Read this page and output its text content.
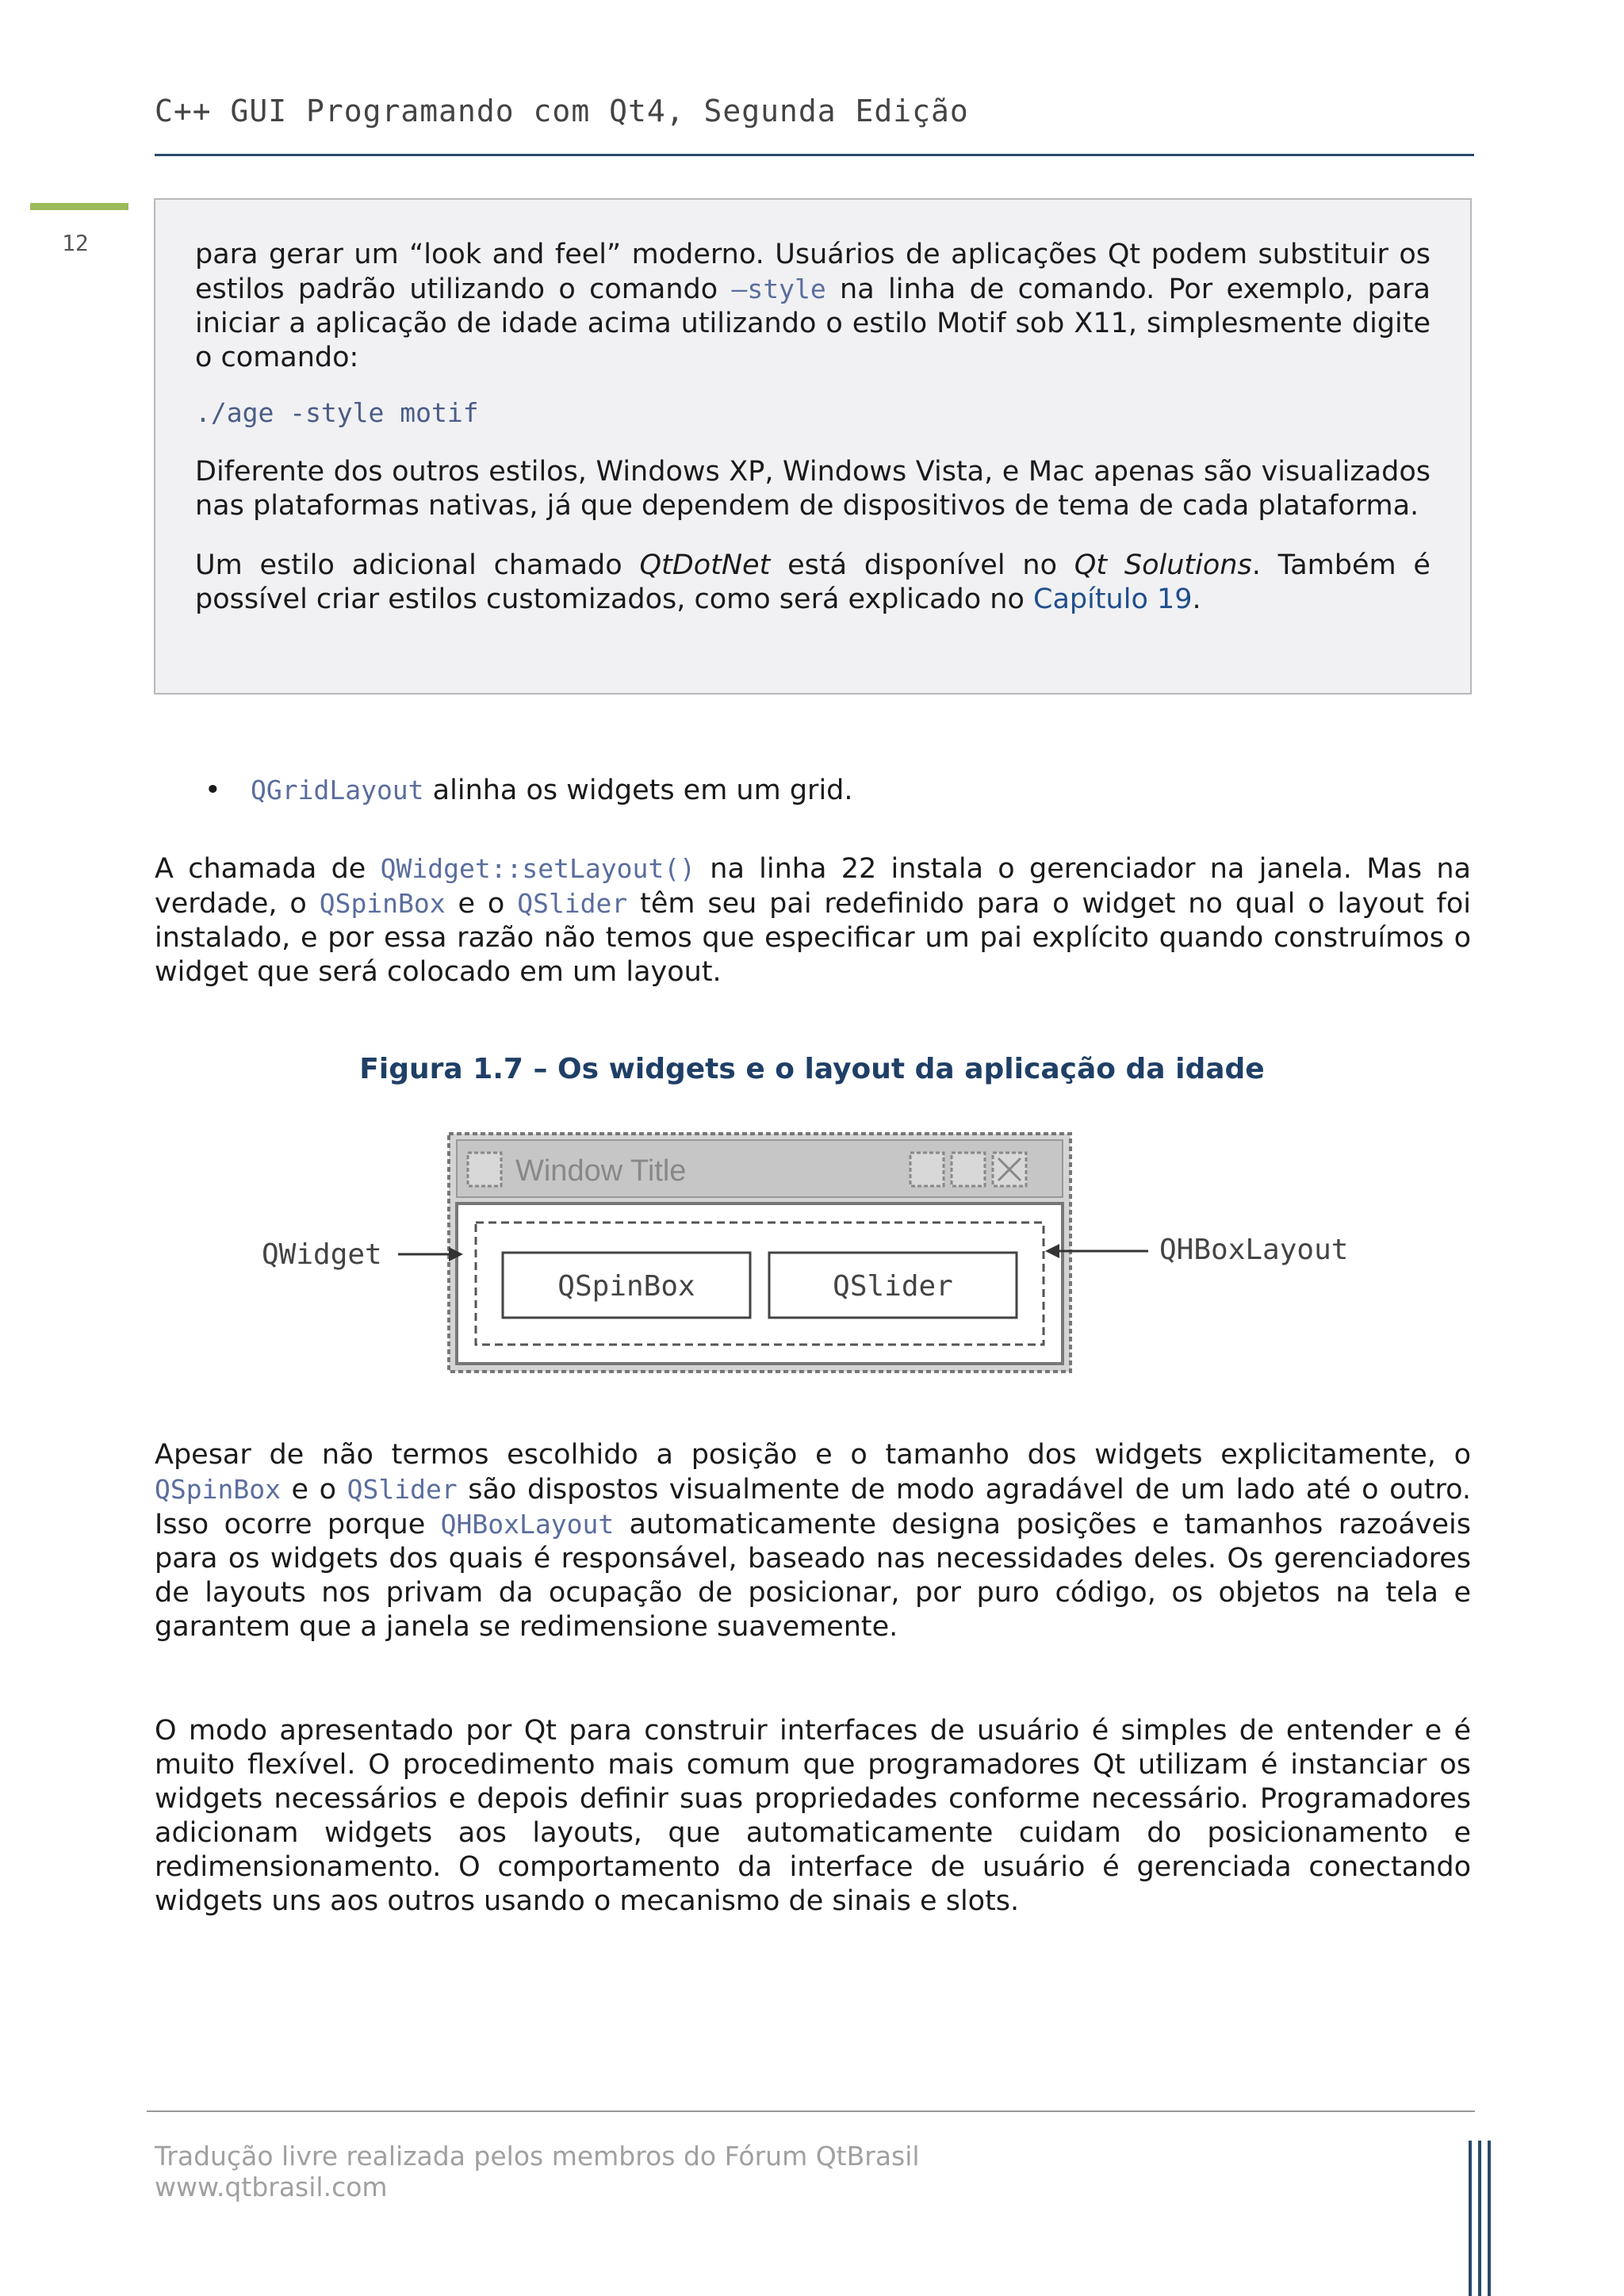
C++ GUI Programando com Qt4, Segunda Edição
12	para gerar um “look and feel” moderno. Usuários de aplicações Qt podem substituir os estilos padrão utilizando o comando –style na linha de comando. Por exemplo, para iniciar a aplicação de idade acima utilizando o estilo Motif sob X11, simplesmente digite o comando:

./age -style motif

Diferente dos outros estilos, Windows XP, Windows Vista, e Mac apenas são visualizados nas plataformas nativas, já que dependem de dispositivos de tema de cada plataforma.

Um estilo adicional chamado QtDotNet está disponível no Qt Solutions. Também é possível criar estilos customizados, como será explicado no Capítulo 19.

• QGridLayout alinha os widgets em um grid.

A chamada de QWidget::setLayout() na linha 22 instala o gerenciador na janela. Mas na verdade, o QSpinBox e o QSlider têm seu pai redefinido para o widget no qual o layout foi instalado, e por essa razão não temos que especificar um pai explícito quando construímos o widget que será colocado em um layout.

Figura 1.7 – Os widgets e o layout da aplicação da idade
Window Title
QSpinBox	QSlider
QWidget	QHBoxLayout

Apesar de não termos escolhido a posição e o tamanho dos widgets explicitamente, o QSpinBox e o QSlider são dispostos visualmente de modo agradável de um lado até o outro. Isso ocorre porque QHBoxLayout automaticamente designa posições e tamanhos razoáveis para os widgets dos quais é responsável, baseado nas necessidades deles. Os gerenciadores de layouts nos privam da ocupação de posicionar, por puro código, os objetos na tela e garantem que a janela se redimensione suavemente.

O modo apresentado por Qt para construir interfaces de usuário é simples de entender e é muito flexível. O procedimento mais comum que programadores Qt utilizam é instanciar os widgets necessários e depois definir suas propriedades conforme necessário. Programadores adicionam widgets aos layouts, que automaticamente cuidam do posicionamento e redimensionamento. O comportamento da interface de usuário é gerenciada conectando widgets uns aos outros usando o mecanismo de sinais e slots.

Tradução livre realizada pelos membros do Fórum QtBrasil
www.qtbrasil.com
